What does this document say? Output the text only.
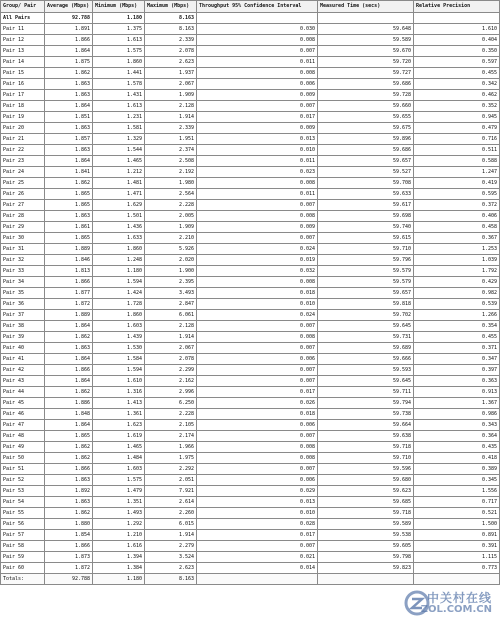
Group/ Pair	Average (Mbps)	Minimum (Mbps)	Maximum (Mbps)	Throughput 95% Confidence Interval	Measured Time (secs)	Relative Precision
All Pairs	92.788	1.180	8.163			
Pair 11	1.891	1.375	8.163	0.030	59.648	1.610
Pair 12	1.866	1.613	2.339	0.008	59.589	0.404
Pair 13	1.864	1.575	2.078	0.007	59.670	0.350
Pair 14	1.875	1.860	2.623	0.011	59.720	0.597
Pair 15	1.862	1.441	1.937	0.008	59.727	0.455
Pair 16	1.863	1.578	2.067	0.006	59.686	0.342
Pair 17	1.863	1.431	1.909	0.009	59.728	0.462
Pair 18	1.864	1.613	2.128	0.007	59.660	0.352
Pair 19	1.851	1.231	1.914	0.017	59.655	0.945
Pair 20	1.863	1.581	2.339	0.009	59.675	0.479
Pair 21	1.857	1.329	1.951	0.013	59.896	0.716
Pair 22	1.863	1.544	2.374	0.010	59.686	0.511
Pair 23	1.864	1.465	2.508	0.011	59.657	0.588
Pair 24	1.841	1.212	2.192	0.023	59.527	1.247
Pair 25	1.862	1.481	1.980	0.008	59.708	0.419
Pair 26	1.865	1.471	2.564	0.011	59.633	0.595
Pair 27	1.865	1.629	2.228	0.007	59.617	0.372
Pair 28	1.863	1.501	2.005	0.008	59.698	0.406
Pair 29	1.861	1.436	1.909	0.009	59.740	0.458
Pair 30	1.865	1.633	2.210	0.007	59.615	0.367
Pair 31	1.889	1.860	5.926	0.024	59.710	1.253
Pair 32	1.846	1.248	2.020	0.019	59.796	1.039
Pair 33	1.813	1.180	1.900	0.032	59.579	1.792
Pair 34	1.866	1.594	2.395	0.008	59.579	0.429
Pair 35	1.877	1.424	3.493	0.018	59.657	0.982
Pair 36	1.872	1.728	2.847	0.010	59.818	0.539
Pair 37	1.889	1.860	6.061	0.024	59.702	1.266
Pair 38	1.864	1.603	2.128	0.007	59.645	0.354
Pair 39	1.862	1.439	1.914	0.008	59.731	0.455
Pair 40	1.863	1.530	2.067	0.007	59.689	0.371
Pair 41	1.864	1.584	2.078	0.006	59.666	0.347
Pair 42	1.866	1.594	2.299	0.007	59.593	0.397
Pair 43	1.864	1.610	2.162	0.007	59.645	0.363
Pair 44	1.862	1.316	2.996	0.017	59.711	0.913
Pair 45	1.886	1.413	6.250	0.026	59.794	1.367
Pair 46	1.848	1.361	2.228	0.018	59.738	0.986
Pair 47	1.864	1.623	2.105	0.006	59.664	0.343
Pair 48	1.865	1.619	2.174	0.007	59.638	0.364
Pair 49	1.862	1.465	1.966	0.008	59.718	0.435
Pair 50	1.862	1.484	1.975	0.008	59.710	0.418
Pair 51	1.866	1.603	2.292	0.007	59.596	0.389
Pair 52	1.863	1.575	2.051	0.006	59.680	0.345
Pair 53	1.892	1.479	7.921	0.029	59.623	1.556
Pair 54	1.863	1.351	2.614	0.013	59.685	0.717
Pair 55	1.862	1.493	2.260	0.010	59.718	0.521
Pair 56	1.880	1.292	6.015	0.028	59.589	1.500
Pair 57	1.854	1.210	1.914	0.017	59.538	0.891
Pair 58	1.866	1.616	2.279	0.007	59.605	0.391
Pair 59	1.873	1.394	3.524	0.021	59.798	1.115
Pair 60	1.872	1.384	2.623	0.014	59.823	0.773
Totals:	92.788	1.180	8.163			
中关村在线
ZOL.COM.CN
